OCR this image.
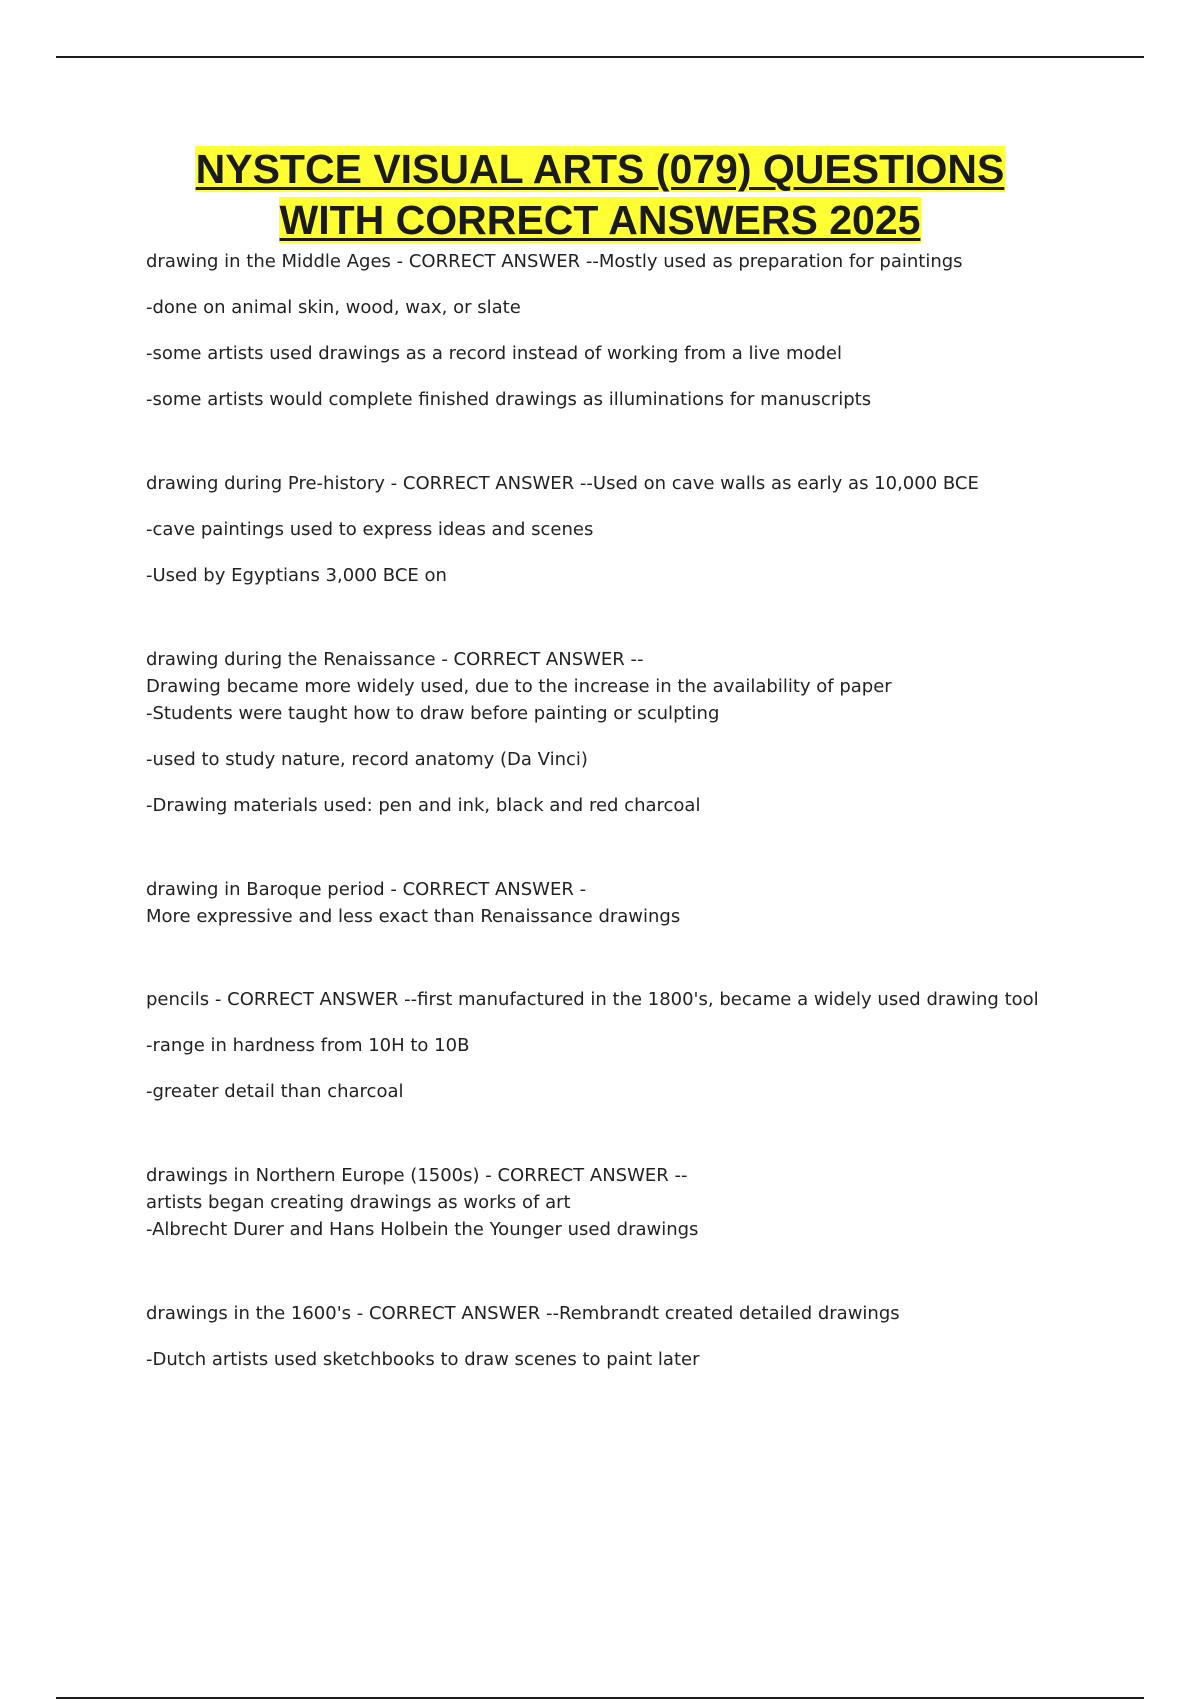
NYSTCE VISUAL ARTS (079) QUESTIONS
WITH CORRECT ANSWERS 2025

drawing in the Middle Ages - CORRECT ANSWER --Mostly used as preparation for paintings

-done on animal skin, wood, wax, or slate

-some artists used drawings as a record instead of working from a live model

-some artists would complete finished drawings as illuminations for manuscripts

drawing during Pre-history - CORRECT ANSWER --Used on cave walls as early as 10,000 BCE

-cave paintings used to express ideas and scenes

-Used by Egyptians 3,000 BCE on

drawing during the Renaissance - CORRECT ANSWER --

Drawing became more widely used, due to the increase in the availability of paper

-Students were taught how to draw before painting or sculpting

-used to study nature, record anatomy (Da Vinci)

-Drawing materials used: pen and ink, black and red charcoal

drawing in Baroque period - CORRECT ANSWER -

More expressive and less exact than Renaissance drawings

pencils - CORRECT ANSWER --first manufactured in the 1800's, became a widely used drawing tool

-range in hardness from 10H to 10B

-greater detail than charcoal

drawings in Northern Europe (1500s) - CORRECT ANSWER --

artists began creating drawings as works of art

-Albrecht Durer and Hans Holbein the Younger used drawings

drawings in the 1600's - CORRECT ANSWER --Rembrandt created detailed drawings

-Dutch artists used sketchbooks to draw scenes to paint later
